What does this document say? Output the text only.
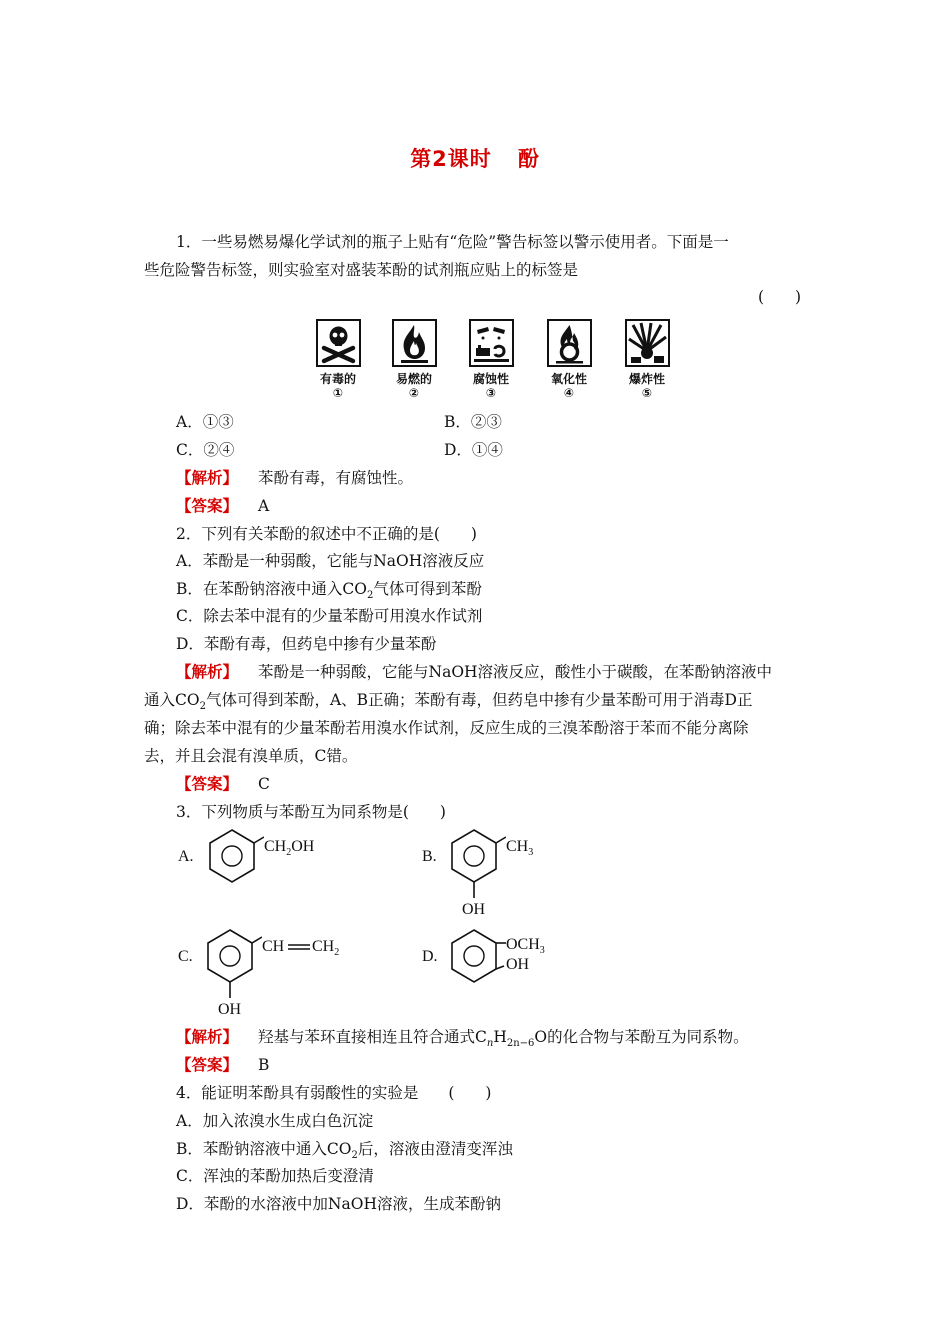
第2课时 酚
1．一些易燃易爆化学试剂的瓶子上贴有“危险”警告标签以警示使用者。下面是一
些危险警告标签，则实验室对盛装苯酚的试剂瓶应贴上的标签是
(　　)
有毒的
①
易燃的
②
腐蚀性
③
氧化性
④
爆炸性
⑤
A．①③	B．②③
C．②④	D．①④
【解析】 苯酚有毒，有腐蚀性。
【答案】 A
2．下列有关苯酚的叙述中不正确的是(　　)
A．苯酚是一种弱酸，它能与NaOH溶液反应
B．在苯酚钠溶液中通入$CO_2$气体可得到苯酚
C．除去苯中混有的少量苯酚可用溴水作试剂
D．苯酚有毒，但药皂中掺有少量苯酚
【解析】 苯酚是一种弱酸，它能与NaOH溶液反应，酸性小于碳酸，在苯酚钠溶液中
通入$CO_2$气体可得到苯酚，A、B正确；苯酚有毒，但药皂中掺有少量苯酚可用于消毒D正
确；除去苯中混有的少量苯酚若用溴水作试剂，反应生成的三溴苯酚溶于苯而不能分离除
去，并且会混有溴单质，C错。
【答案】 C
3．下列物质与苯酚互为同系物是(　　)
A.
$CH_2OH$
B.
$CH_3$
OH
C.
CH $CH_2$
OH
D.
$OCH_3$
OH
【解析】 羟基与苯环直接相连且符合通式$C_nH_{2n-6}O$的化合物与苯酚互为同系物。
【答案】 B
4．能证明苯酚具有弱酸性的实验是 (　　)
A．加入浓溴水生成白色沉淀
B．苯酚钠溶液中通入$CO_2$后，溶液由澄清变浑浊
C．浑浊的苯酚加热后变澄清
D．苯酚的水溶液中加NaOH溶液，生成苯酚钠
